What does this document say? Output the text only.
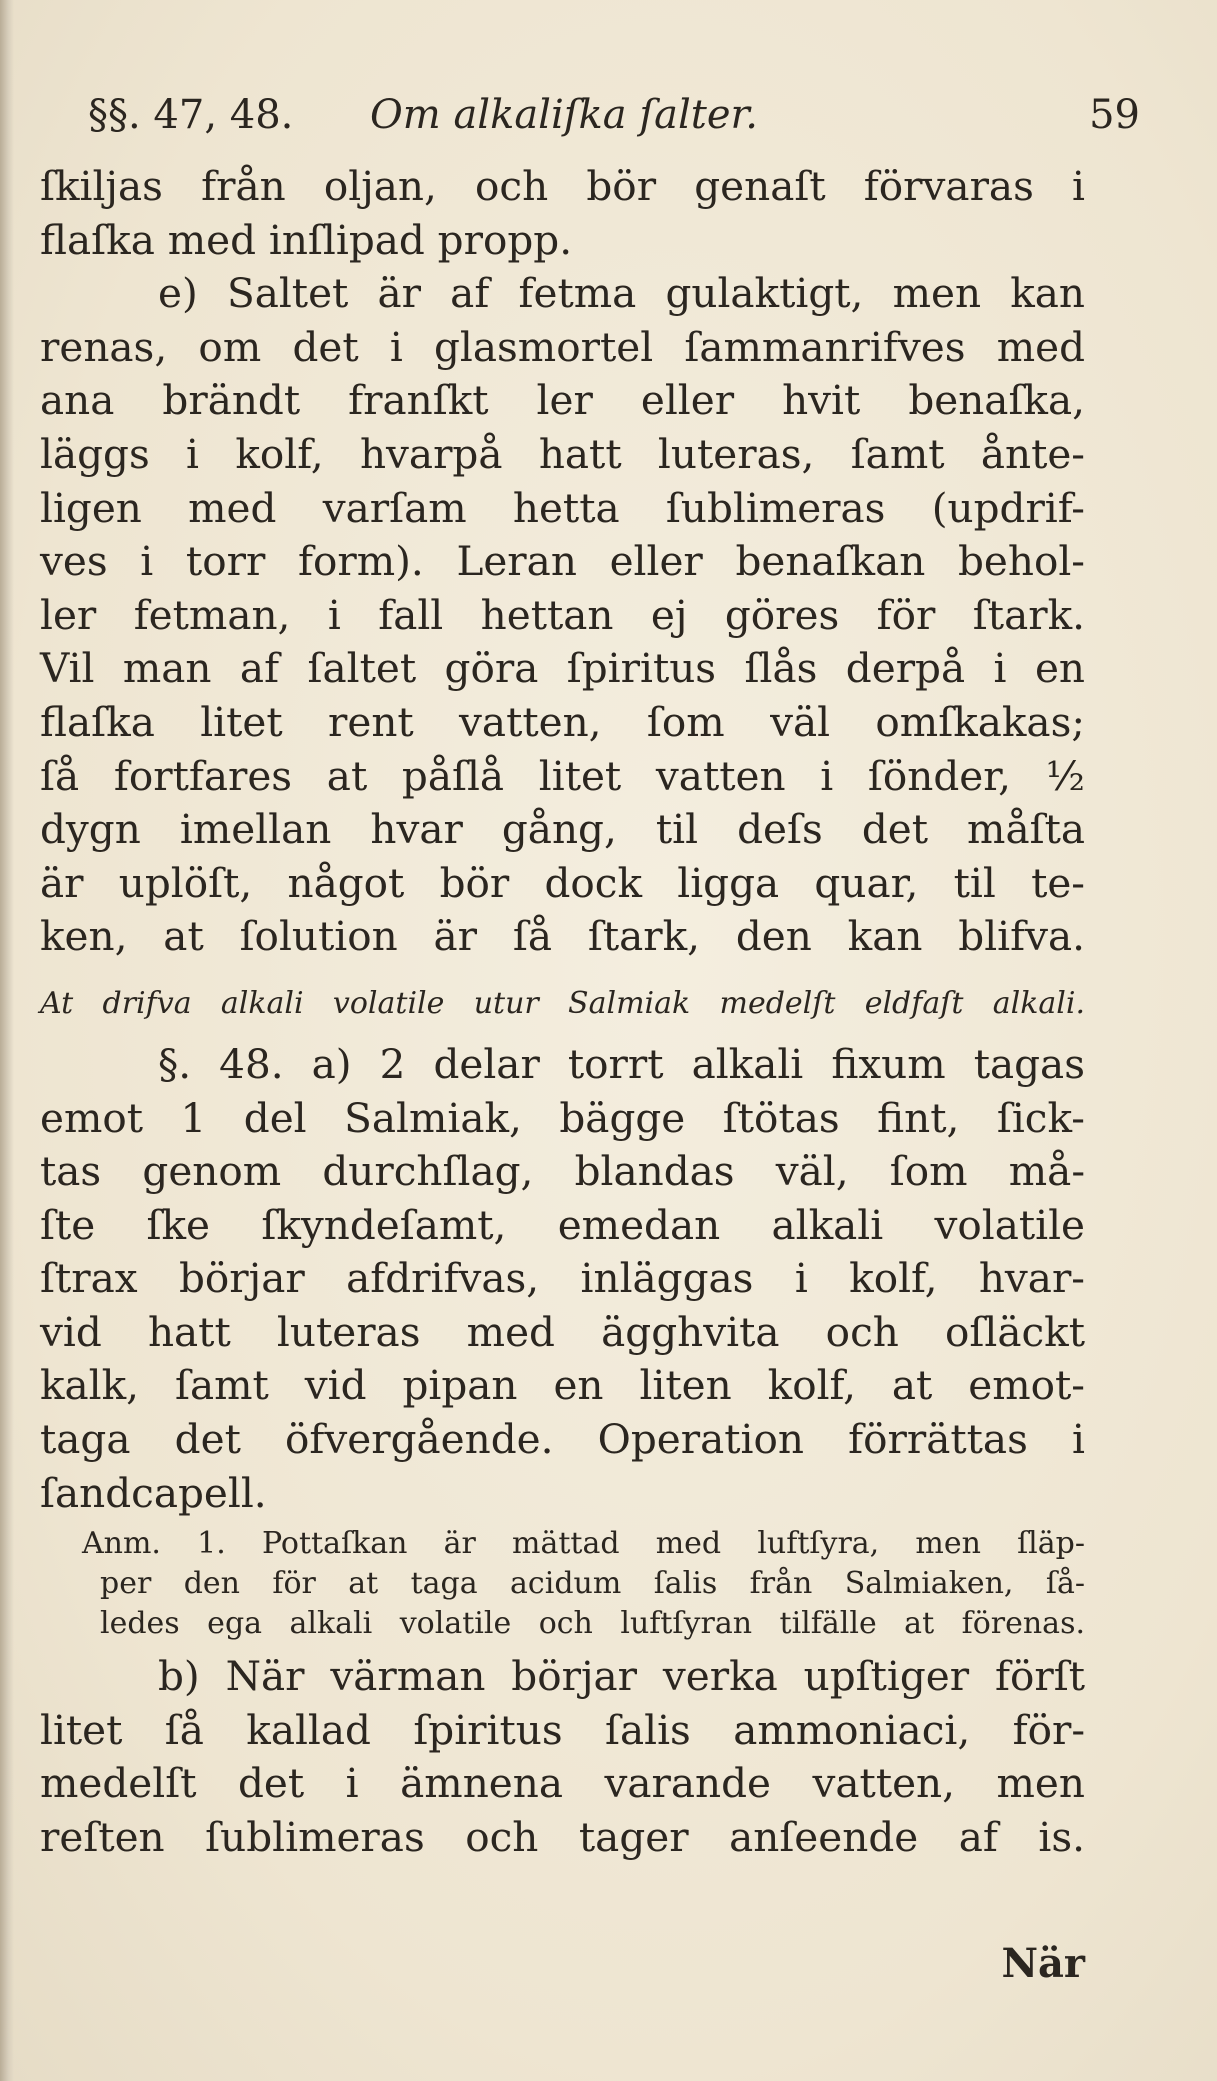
§§. 47, 48. Om alkaliſka ſalter.	59
ſkiljas från oljan, och bör genaſt förvaras i
flaſka med inſlipad propp.
e) Saltet är af fetma gulaktigt, men kan
renas, om det i glasmortel ſammanrifves med
ana brändt franſkt ler eller hvit benaſka,
läggs i kolf, hvarpå hatt luteras, ſamt ånte-
ligen med varſam hetta ſublimeras (updrif-
ves i torr form). Leran eller benaſkan behol-
ler fetman, i fall hettan ej göres för ſtark.
Vil man af ſaltet göra ſpiritus ſlås derpå i en
flaſka litet rent vatten, ſom väl omſkakas;
ſå fortfares at påſlå litet vatten i ſönder, ½
dygn imellan hvar gång, til deſs det måſta
är uplöſt, något bör dock ligga quar, til te-
ken, at ſolution är ſå ſtark, den kan blifva.
At drifva alkali volatile utur Salmiak medelſt eldfaſt alkali.
§. 48. a) 2 delar torrt alkali fixum tagas
emot 1 del Salmiak, bägge ſtötas fint, ſick-
tas genom durchſlag, blandas väl, ſom må-
ſte ſke ſkyndeſamt, emedan alkali volatile
ſtrax börjar afdrifvas, inläggas i kolf, hvar-
vid hatt luteras med ägghvita och oſläckt
kalk, ſamt vid pipan en liten kolf, at emot-
taga det öfvergående. Operation förrättas i
ſandcapell.
Anm. 1. Pottaſkan är mättad med luftſyra, men ſläp-
per den för at taga acidum ſalis från Salmiaken, ſå-
ledes ega alkali volatile och luftſyran tilfälle at förenas.
b) När värman börjar verka upſtiger förſt
litet ſå kallad ſpiritus ſalis ammoniaci, för-
medelſt det i ämnena varande vatten, men
reſten ſublimeras och tager anſeende af is.
När
